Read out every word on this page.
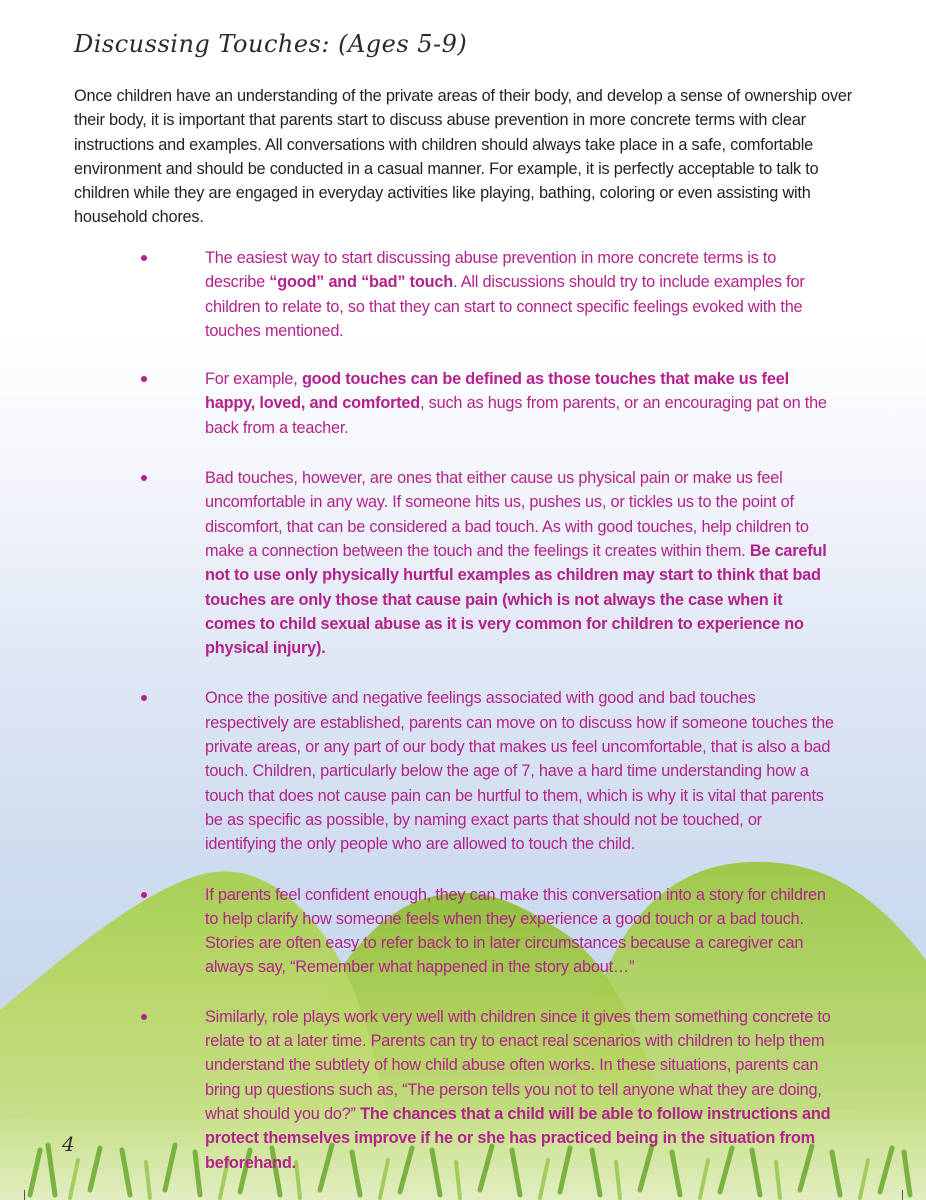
Discussing Touches: (Ages 5-9)

Once children have an understanding of the private areas of their body, and develop a sense of ownership over their body, it is important that parents start to discuss abuse prevention in more concrete terms with clear instructions and examples. All conversations with children should always take place in a safe, comfortable environment and should be conducted in a casual manner. For example, it is perfectly acceptable to talk to children while they are engaged in everyday activities like playing, bathing, coloring or even assisting with household chores.

The easiest way to start discussing abuse prevention in more concrete terms is to describe “good” and “bad” touch. All discussions should try to include examples for children to relate to, so that they can start to connect specific feelings evoked with the touches mentioned.
For example, good touches can be defined as those touches that make us feel happy, loved, and comforted, such as hugs from parents, or an encouraging pat on the back from a teacher.
Bad touches, however, are ones that either cause us physical pain or make us feel uncomfortable in any way. If someone hits us, pushes us, or tickles us to the point of discomfort, that can be considered a bad touch. As with good touches, help children to make a connection between the touch and the feelings it creates within them. Be careful not to use only physically hurtful examples as children may start to think that bad touches are only those that cause pain (which is not always the case when it comes to child sexual abuse as it is very common for children to experience no physical injury).
Once the positive and negative feelings associated with good and bad touches respectively are established, parents can move on to discuss how if someone touches the private areas, or any part of our body that makes us feel uncomfortable, that is also a bad touch. Children, particularly below the age of 7, have a hard time understanding how a touch that does not cause pain can be hurtful to them, which is why it is vital that parents be as specific as possible, by naming exact parts that should not be touched, or identifying the only people who are allowed to touch the child.
If parents feel confident enough, they can make this conversation into a story for children to help clarify how someone feels when they experience a good touch or a bad touch. Stories are often easy to refer back to in later circumstances because a caregiver can always say, “Remember what happened in the story about…”
Similarly, role plays work very well with children since it gives them something concrete to relate to at a later time. Parents can try to enact real scenarios with children to help them understand the subtlety of how child abuse often works. In these situations, parents can bring up questions such as, “The person tells you not to tell anyone what they are doing, what should you do?” The chances that a child will be able to follow instructions and protect themselves improve if he or she has practiced being in the situation from beforehand.
4
